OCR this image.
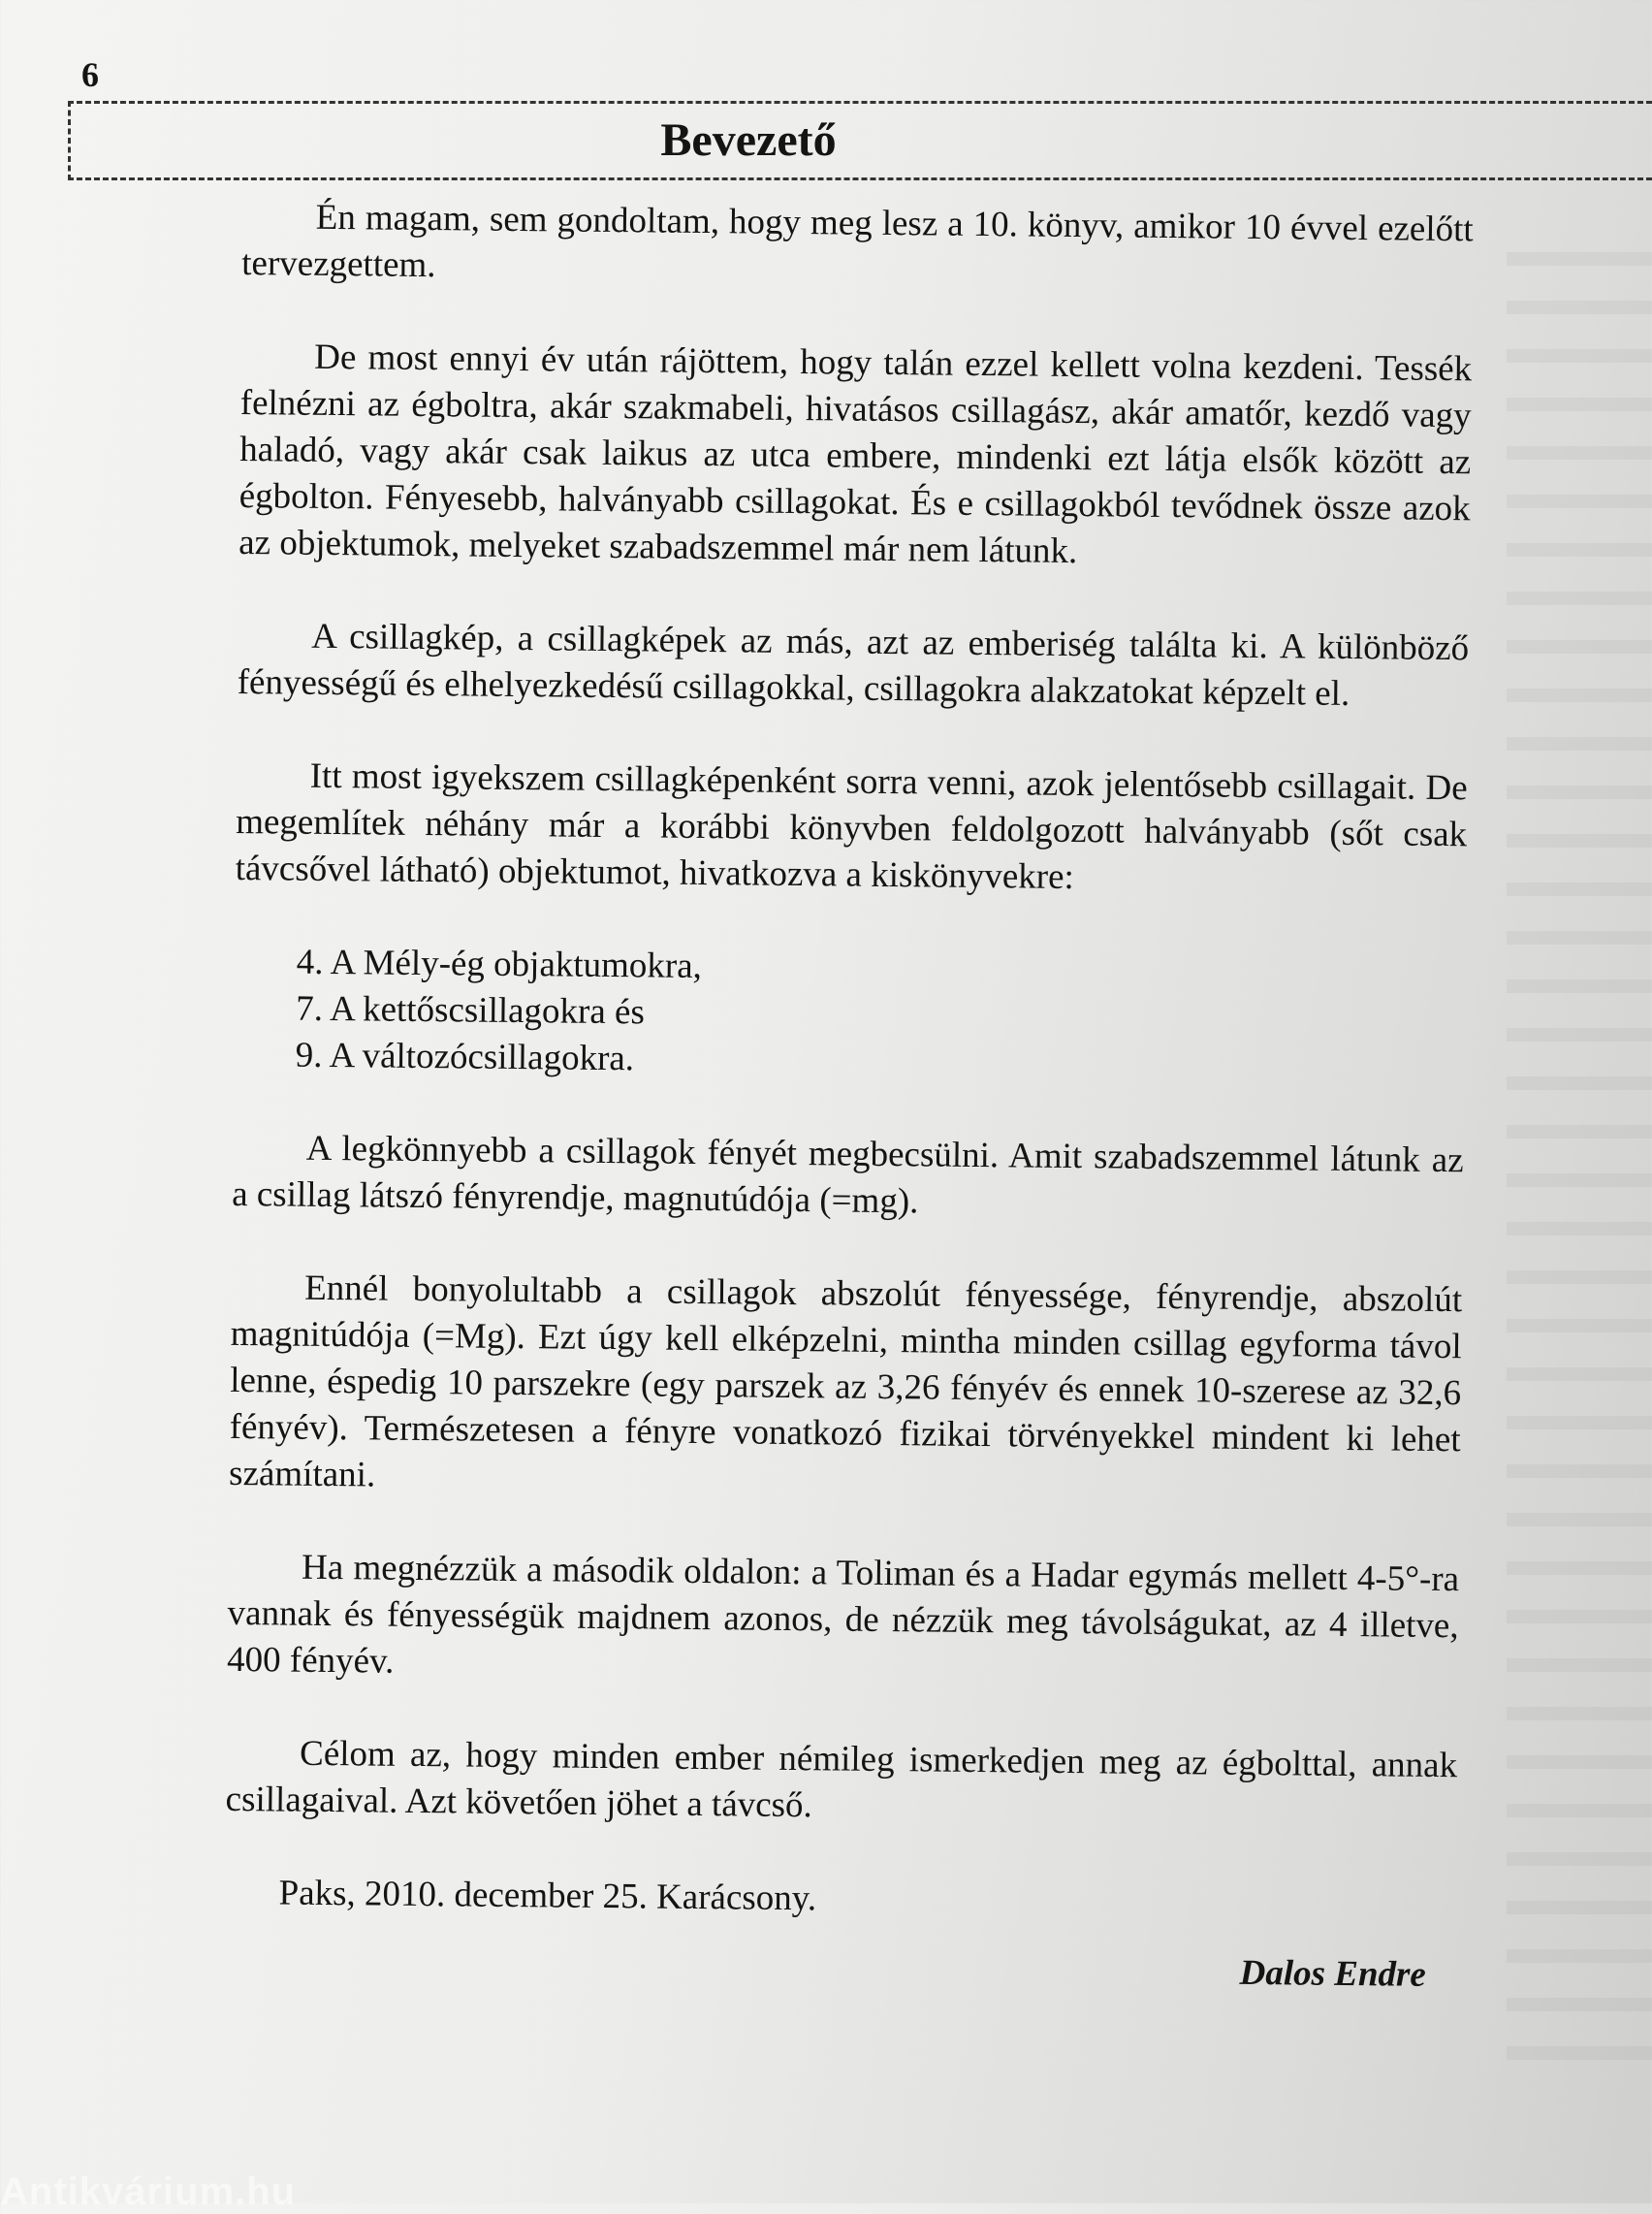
6
Bevezető

Én magam, sem gondoltam, hogy meg lesz a 10. könyv, amikor 10 évvel ezelőtt tervezgettem.

De most ennyi év után rájöttem, hogy talán ezzel kellett volna kezdeni. Tessék felnézni az égboltra, akár szakmabeli, hivatásos csillagász, akár amatőr, kezdő vagy haladó, vagy akár csak laikus az utca embere, mindenki ezt látja elsők között az égbolton. Fényesebb, halványabb csillagokat. És e csillagokból tevődnek össze azok az objektumok, melyeket szabadszemmel már nem látunk.

A csillagkép, a csillagképek az más, azt az emberiség találta ki. A különböző fényességű és elhelyezkedésű csillagokkal, csillagokra alakzatokat képzelt el.

Itt most igyekszem csillagképenként sorra venni, azok jelentősebb csillagait. De megemlítek néhány már a korábbi könyvben feldolgozott halványabb (sőt csak távcsővel látható) objektumot, hivatkozva a kiskönyvekre:

4. A Mély-ég objaktumokra,
7. A kettőscsillagokra és
9. A változócsillagokra.

A legkönnyebb a csillagok fényét megbecsülni. Amit szabadszemmel látunk az a csillag látszó fényrendje, magnutúdója (=mg).

Ennél bonyolultabb a csillagok abszolút fényessége, fényrendje, abszolút magnitúdója (=Mg). Ezt úgy kell elképzelni, mintha minden csillag egyforma távol lenne, éspedig 10 parszekre (egy parszek az 3,26 fényév és ennek 10-szerese az 32,6 fényév). Természetesen a fényre vonatkozó fizikai törvényekkel mindent ki lehet számítani.

Ha megnézzük a második oldalon: a Toliman és a Hadar egymás mellett 4-5°-ra vannak és fényességük majdnem azonos, de nézzük meg távolságukat, az 4 illetve, 400 fényév.

Célom az, hogy minden ember némileg ismerkedjen meg az égbolttal, annak csillagaival. Azt követően jöhet a távcső.

Paks, 2010. december 25. Karácsony.

Dalos Endre
Antikvárium.hu
